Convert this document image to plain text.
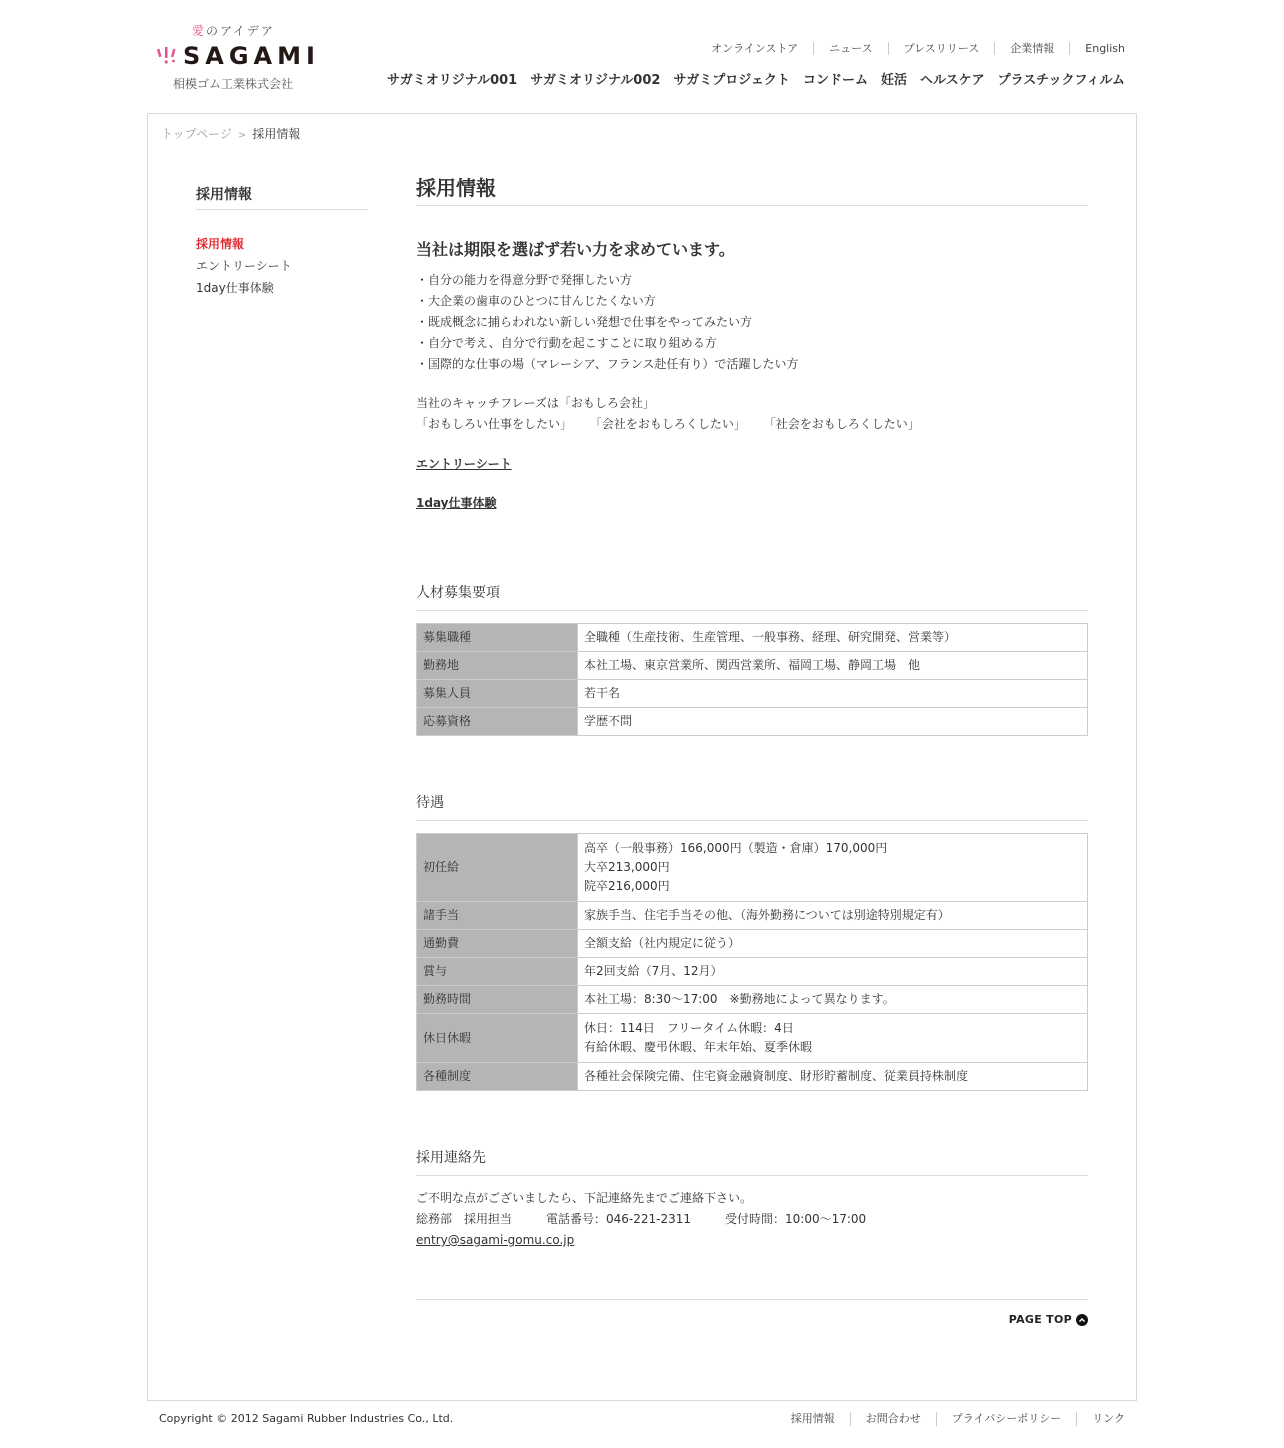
愛のアイデア
SAGAMI
相模ゴム工業株式会社
オンラインストア	ニュース	プレスリリース	企業情報	English
サガミオリジナル001 サガミオリジナル002 サガミプロジェクト コンドーム 妊活 ヘルスケア プラスチックフィルム
トップページ > 採用情報
採用情報
採用情報
エントリーシート
1day仕事体験
採用情報
当社は期限を選ばず若い力を求めています。
・自分の能力を得意分野で発揮したい方
・大企業の歯車のひとつに甘んじたくない方
・既成概念に捕らわれない新しい発想で仕事をやってみたい方
・自分で考え、自分で行動を起こすことに取り組める方
・国際的な仕事の場（マレーシア、フランス赴任有り）で活躍したい方
当社のキャッチフレーズは「おもしろ会社」
「おもしろい仕事をしたい」 「会社をおもしろくしたい」 「社会をおもしろくしたい」
エントリーシート
1day仕事体験
人材募集要項
募集職種	全職種（生産技術、生産管理、一般事務、経理、研究開発、営業等）
勤務地	本社工場、東京営業所、関西営業所、福岡工場、静岡工場　他
募集人員	若干名
応募資格	学歴不問
待遇
初任給	高卒（一般事務）166,000円（製造・倉庫）170,000円
大卒213,000円
院卒216,000円

諸手当	家族手当、住宅手当その他、（海外勤務については別途特別規定有）
通勤費	全額支給（社内規定に従う）
賞与	年2回支給（7月、12月）
勤務時間	本社工場：8:30～17:00　※勤務地によって異なります。
休日休暇	休日：114日　フリータイム休暇：4日
有給休暇、慶弔休暇、年末年始、夏季休暇

各種制度	各種社会保険完備、住宅資金融資制度、財形貯蓄制度、従業員持株制度
採用連絡先
ご不明な点がございましたら、下記連絡先までご連絡下さい。
総務部　採用担当	電話番号：046-221-2311	受付時間：10:00～17:00
entry@sagami-gomu.co.jp
PAGE TOP
Copyright © 2012 Sagami Rubber Industries Co., Ltd.	採用情報	お問合わせ	プライバシーポリシー	リンク
